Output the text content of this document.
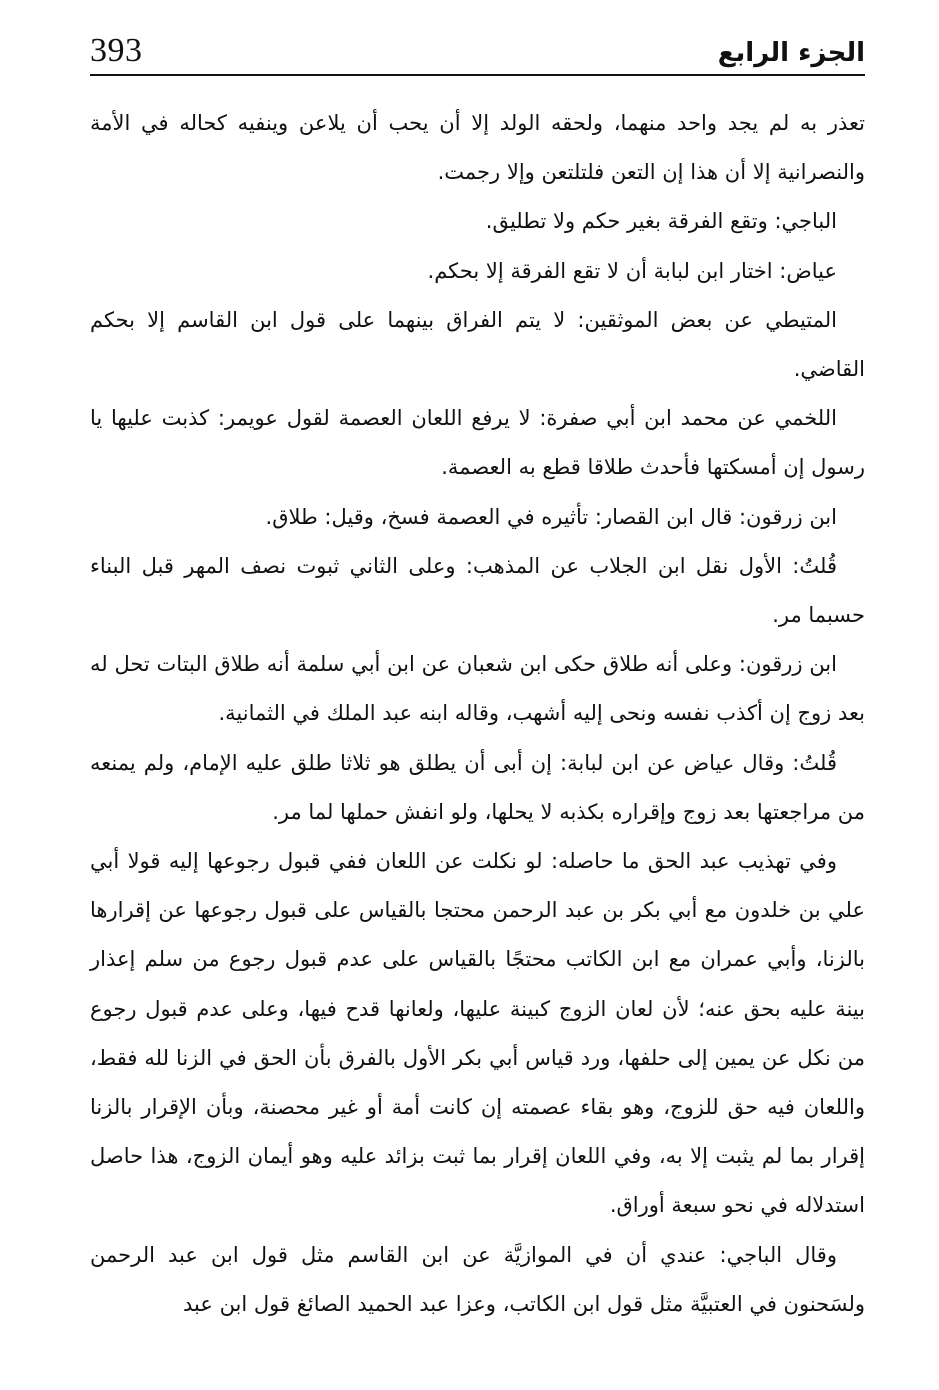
393	الجزء الرابع

تعذر به لم يجد واحد منهما، ولحقه الولد إلا أن يحب أن يلاعن وينفيه كحاله في الأمة والنصرانية إلا أن هذا إن التعن فلتلتعن وإلا رجمت.

الباجي: وتقع الفرقة بغير حكم ولا تطليق.

عياض: اختار ابن لبابة أن لا تقع الفرقة إلا بحكم.

المتيطي عن بعض الموثقين: لا يتم الفراق بينهما على قول ابن القاسم إلا بحكم القاضي.

اللخمي عن محمد ابن أبي صفرة: لا يرفع اللعان العصمة لقول عويمر: كذبت عليها يا رسول إن أمسكتها فأحدث طلاقا قطع به العصمة.

ابن زرقون: قال ابن القصار: تأثيره في العصمة فسخ، وقيل: طلاق.

قُلتُ: الأول نقل ابن الجلاب عن المذهب: وعلى الثاني ثبوت نصف المهر قبل البناء حسبما مر.

ابن زرقون: وعلى أنه طلاق حكى ابن شعبان عن ابن أبي سلمة أنه طلاق البتات تحل له بعد زوج إن أكذب نفسه ونحى إليه أشهب، وقاله ابنه عبد الملك في الثمانية.

قُلتُ: وقال عياض عن ابن لبابة: إن أبى أن يطلق هو ثلاثا طلق عليه الإمام، ولم يمنعه من مراجعتها بعد زوج وإقراره بكذبه لا يحلها، ولو انفش حملها لما مر.

وفي تهذيب عبد الحق ما حاصله: لو نكلت عن اللعان ففي قبول رجوعها إليه قولا أبي علي بن خلدون مع أبي بكر بن عبد الرحمن محتجا بالقياس على قبول رجوعها عن إقرارها بالزنا، وأبي عمران مع ابن الكاتب محتجًا بالقياس على عدم قبول رجوع من سلم إعذار بينة عليه بحق عنه؛ لأن لعان الزوج كبينة عليها، ولعانها قدح فيها، وعلى عدم قبول رجوع من نكل عن يمين إلى حلفها، ورد قياس أبي بكر الأول بالفرق بأن الحق في الزنا لله فقط، واللعان فيه حق للزوج، وهو بقاء عصمته إن كانت أمة أو غير محصنة، وبأن الإقرار بالزنا إقرار بما لم يثبت إلا به، وفي اللعان إقرار بما ثبت بزائد عليه وهو أيمان الزوج، هذا حاصل استدلاله في نحو سبعة أوراق.

وقال الباجي: عندي أن في الموازيَّة عن ابن القاسم مثل قول ابن عبد الرحمن ولسَحنون في العتبيَّة مثل قول ابن الكاتب، وعزا عبد الحميد الصائغ قول ابن عبد
